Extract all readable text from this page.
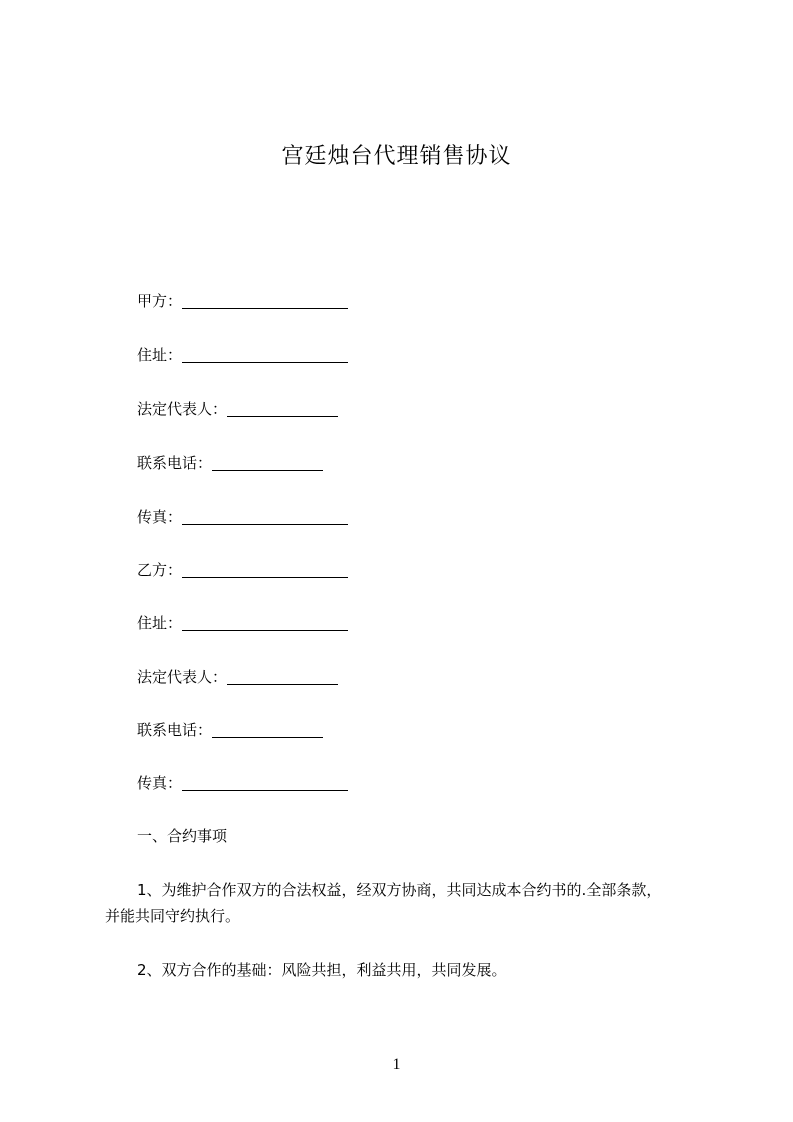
宫廷烛台代理销售协议
甲方：
住址：
法定代表人：
联系电话：
传真：
乙方：
住址：
法定代表人：
联系电话：
传真：
一、合约事项
1、为维护合作双方的合法权益，经双方协商，共同达成本合约书的.全部条款，
并能共同守约执行。
2、双方合作的基础：风险共担，利益共用，共同发展。
1
